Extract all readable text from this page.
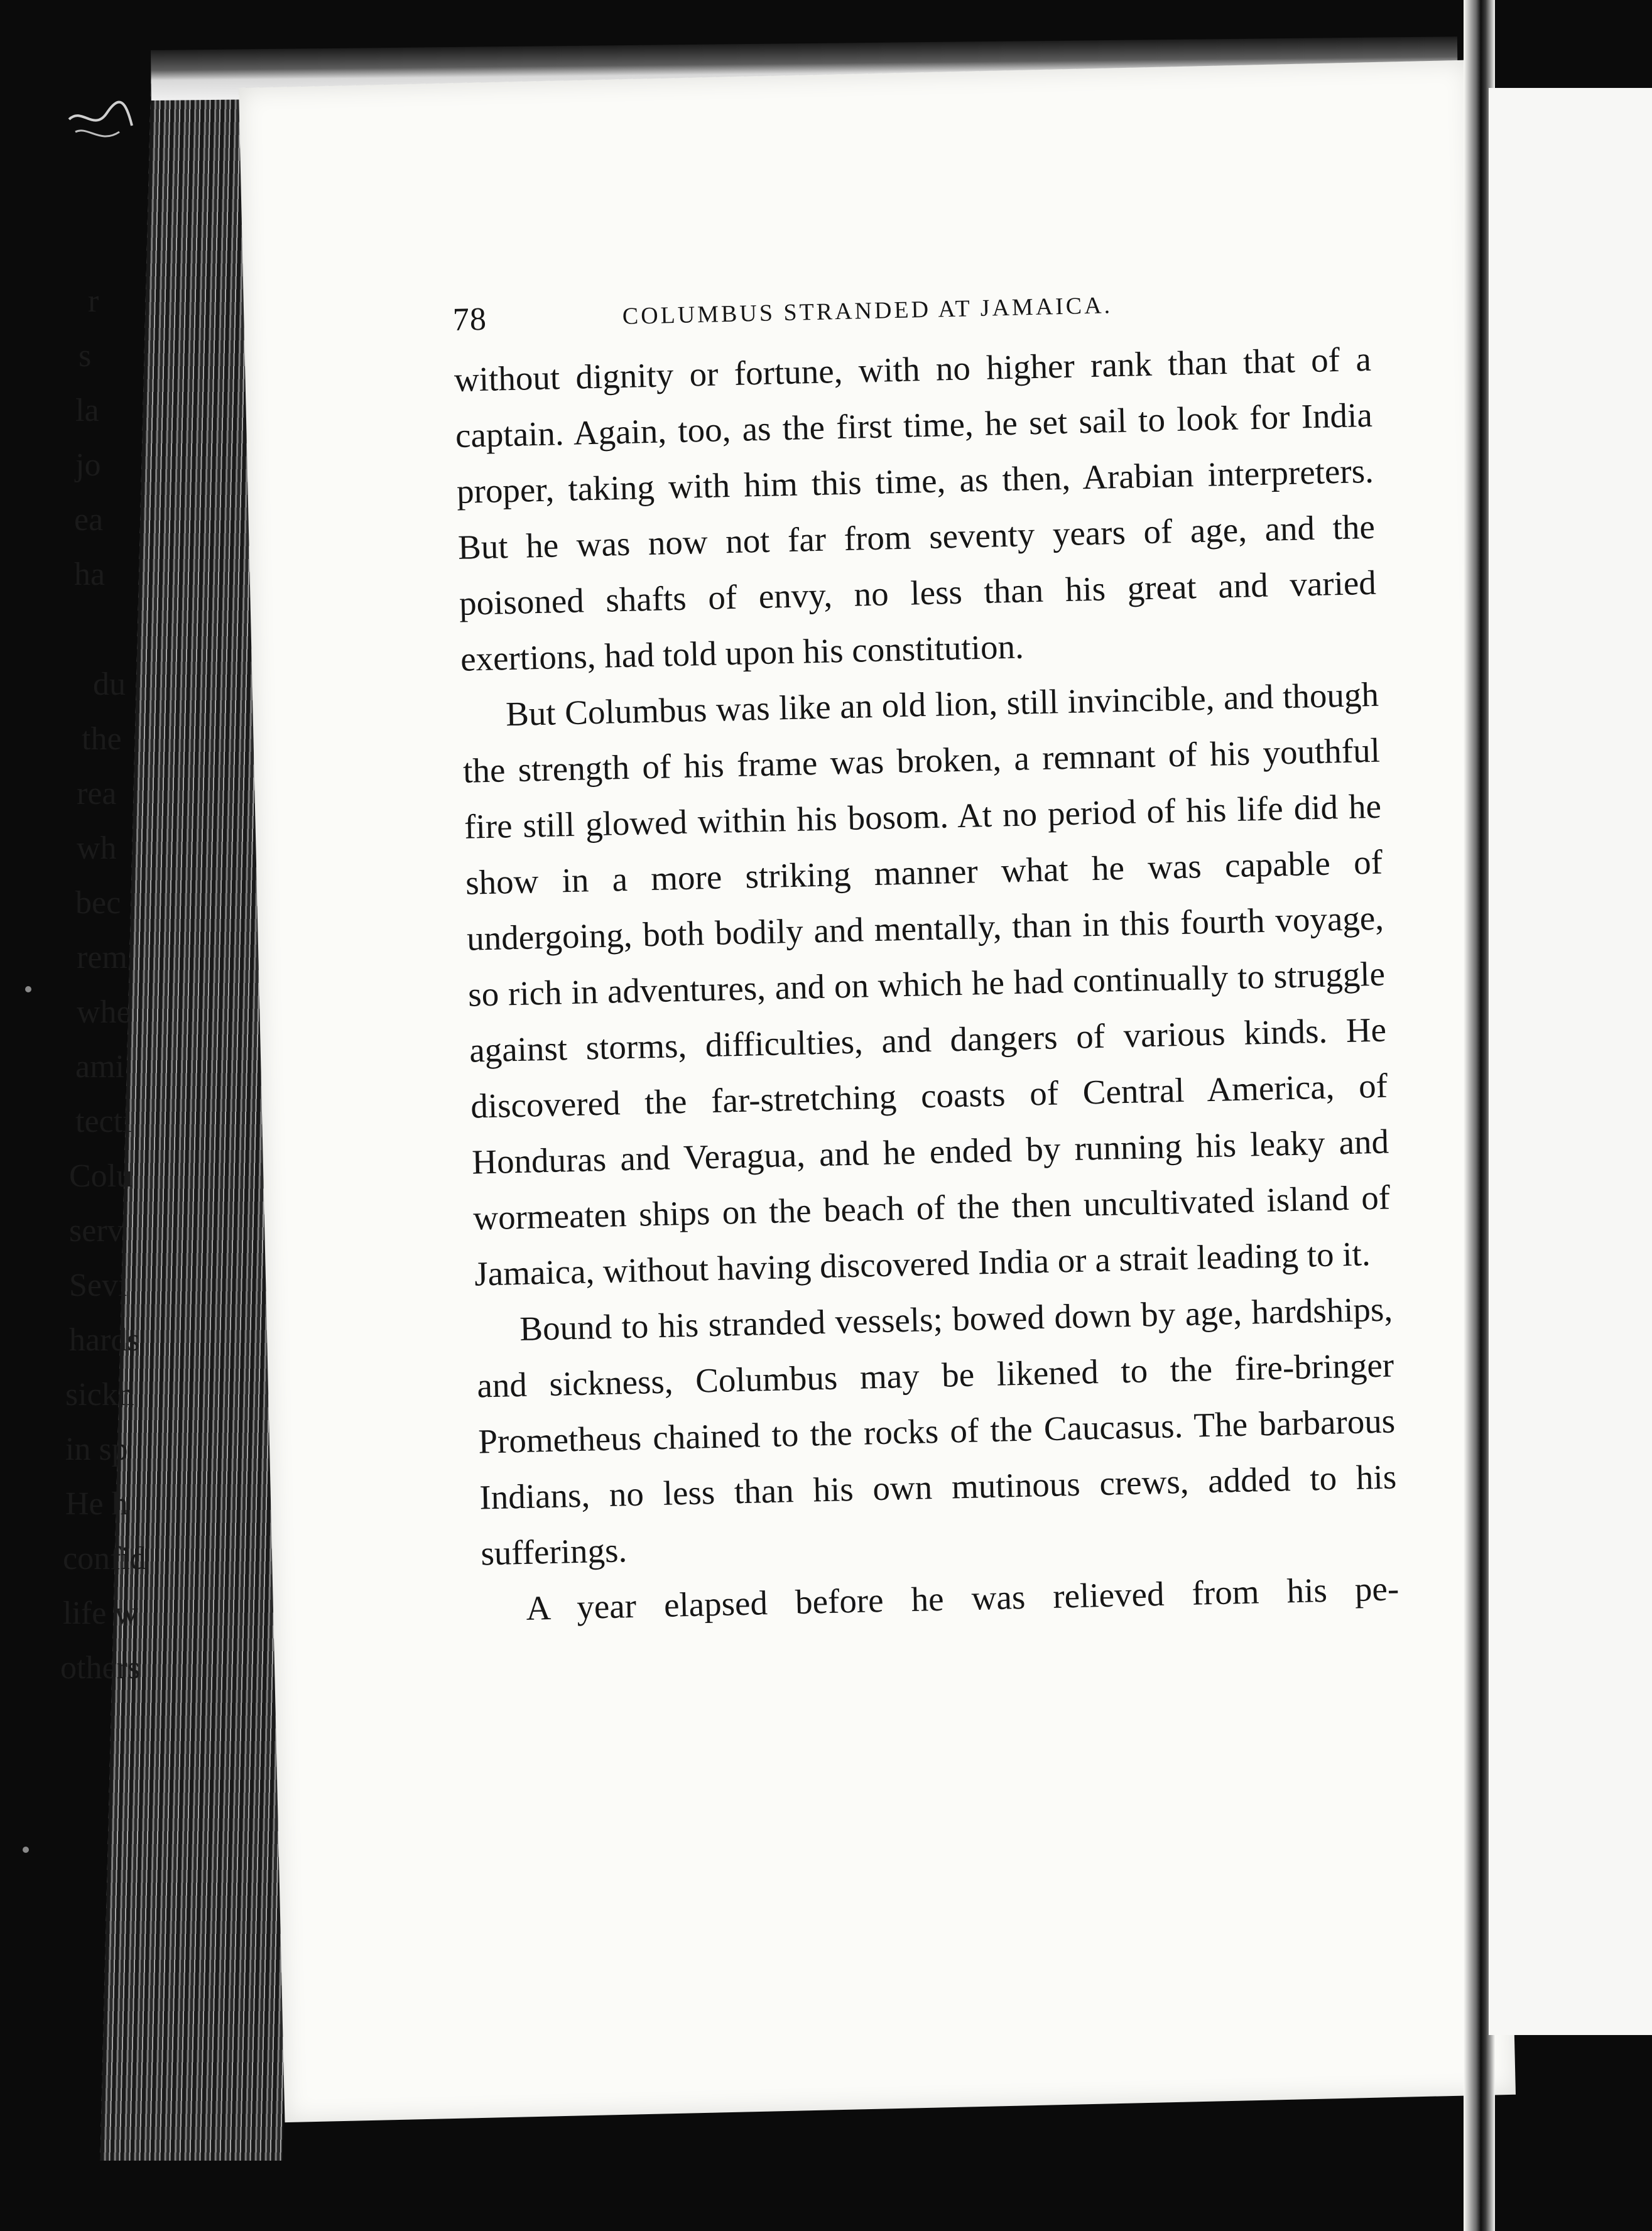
r
s
la
jo
ea
ha
du
the
rea
wh
bec
rem
whe
ami
tecti
Colu
serv
Sevi
hards
sickn
in sp
He h
confid
life w
others
78	COLUMBUS STRANDED AT JAMAICA.

without dignity or fortune, with no higher rank than that of a captain. Again, too, as the first time, he set sail to look for India proper, taking with him this time, as then, Arabian interpreters. But he was now not far from seventy years of age, and the poisoned shafts of envy, no less than his great and varied exertions, had told upon his constitution.

But Columbus was like an old lion, still invincible, and though the strength of his frame was broken, a remnant of his youthful fire still glowed within his bosom. At no period of his life did he show in a more striking manner what he was capable of undergoing, both bodily and mentally, than in this fourth voyage, so rich in adventures, and on which he had continually to struggle against storms, difficulties, and dangers of various kinds. He discovered the far-stretching coasts of Central America, of Honduras and Veragua, and he ended by running his leaky and wormeaten ships on the beach of the then uncultivated island of Jamaica, without having discovered India or a strait leading to it.

Bound to his stranded vessels; bowed down by age, hardships, and sickness, Columbus may be likened to the fire-bringer Prometheus chained to the rocks of the Caucasus. The barbarous Indians, no less than his own mutinous crews, added to his sufferings.

A year elapsed before he was relieved from his pe-
